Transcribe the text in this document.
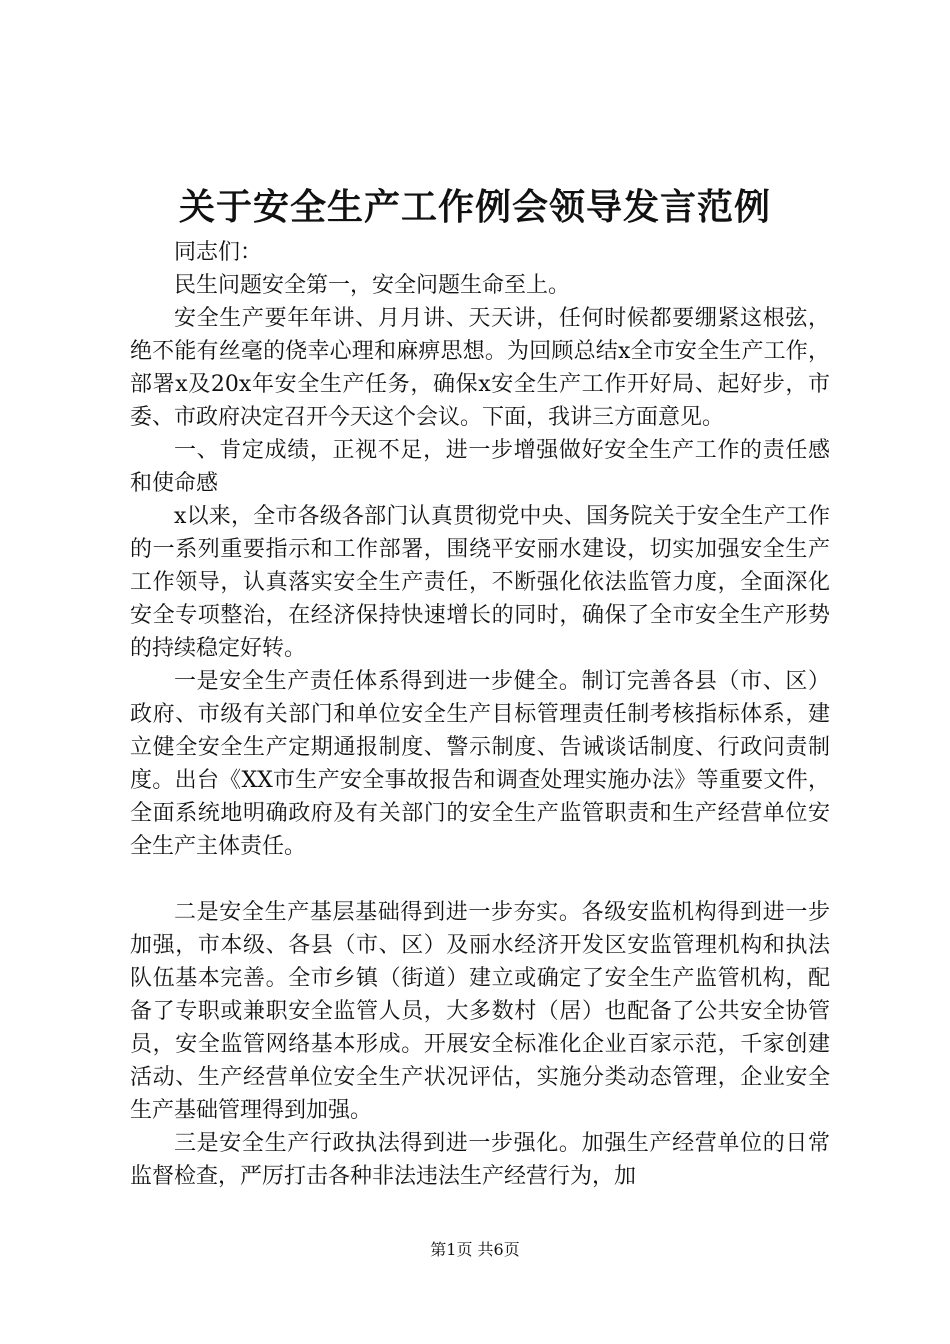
关于安全生产工作例会领导发言范例

同志们：

民生问题安全第一，安全问题生命至上。

安全生产要年年讲、月月讲、天天讲，任何时候都要绷紧这根弦，绝不能有丝毫的侥幸心理和麻痹思想。为回顾总结x全市安全生产工作，部署x及20x年安全生产任务，确保x安全生产工作开好局、起好步，市委、市政府决定召开今天这个会议。下面，我讲三方面意见。

一、肯定成绩，正视不足，进一步增强做好安全生产工作的责任感和使命感

x以来，全市各级各部门认真贯彻党中央、国务院关于安全生产工作的一系列重要指示和工作部署，围绕平安丽水建设，切实加强安全生产工作领导，认真落实安全生产责任，不断强化依法监管力度，全面深化安全专项整治，在经济保持快速增长的同时，确保了全市安全生产形势的持续稳定好转。

一是安全生产责任体系得到进一步健全。制订完善各县（市、区）政府、市级有关部门和单位安全生产目标管理责任制考核指标体系，建立健全安全生产定期通报制度、警示制度、告诫谈话制度、行政问责制度。出台《XX市生产安全事故报告和调查处理实施办法》等重要文件，全面系统地明确政府及有关部门的安全生产监管职责和生产经营单位安全生产主体责任。

二是安全生产基层基础得到进一步夯实。各级安监机构得到进一步加强，市本级、各县（市、区）及丽水经济开发区安监管理机构和执法队伍基本完善。全市乡镇（街道）建立或确定了安全生产监管机构，配备了专职或兼职安全监管人员，大多数村（居）也配备了公共安全协管员，安全监管网络基本形成。开展安全标准化企业百家示范，千家创建活动、生产经营单位安全生产状况评估，实施分类动态管理，企业安全生产基础管理得到加强。

三是安全生产行政执法得到进一步强化。加强生产经营单位的日常监督检查，严厉打击各种非法违法生产经营行为，加

第1页 共6页
